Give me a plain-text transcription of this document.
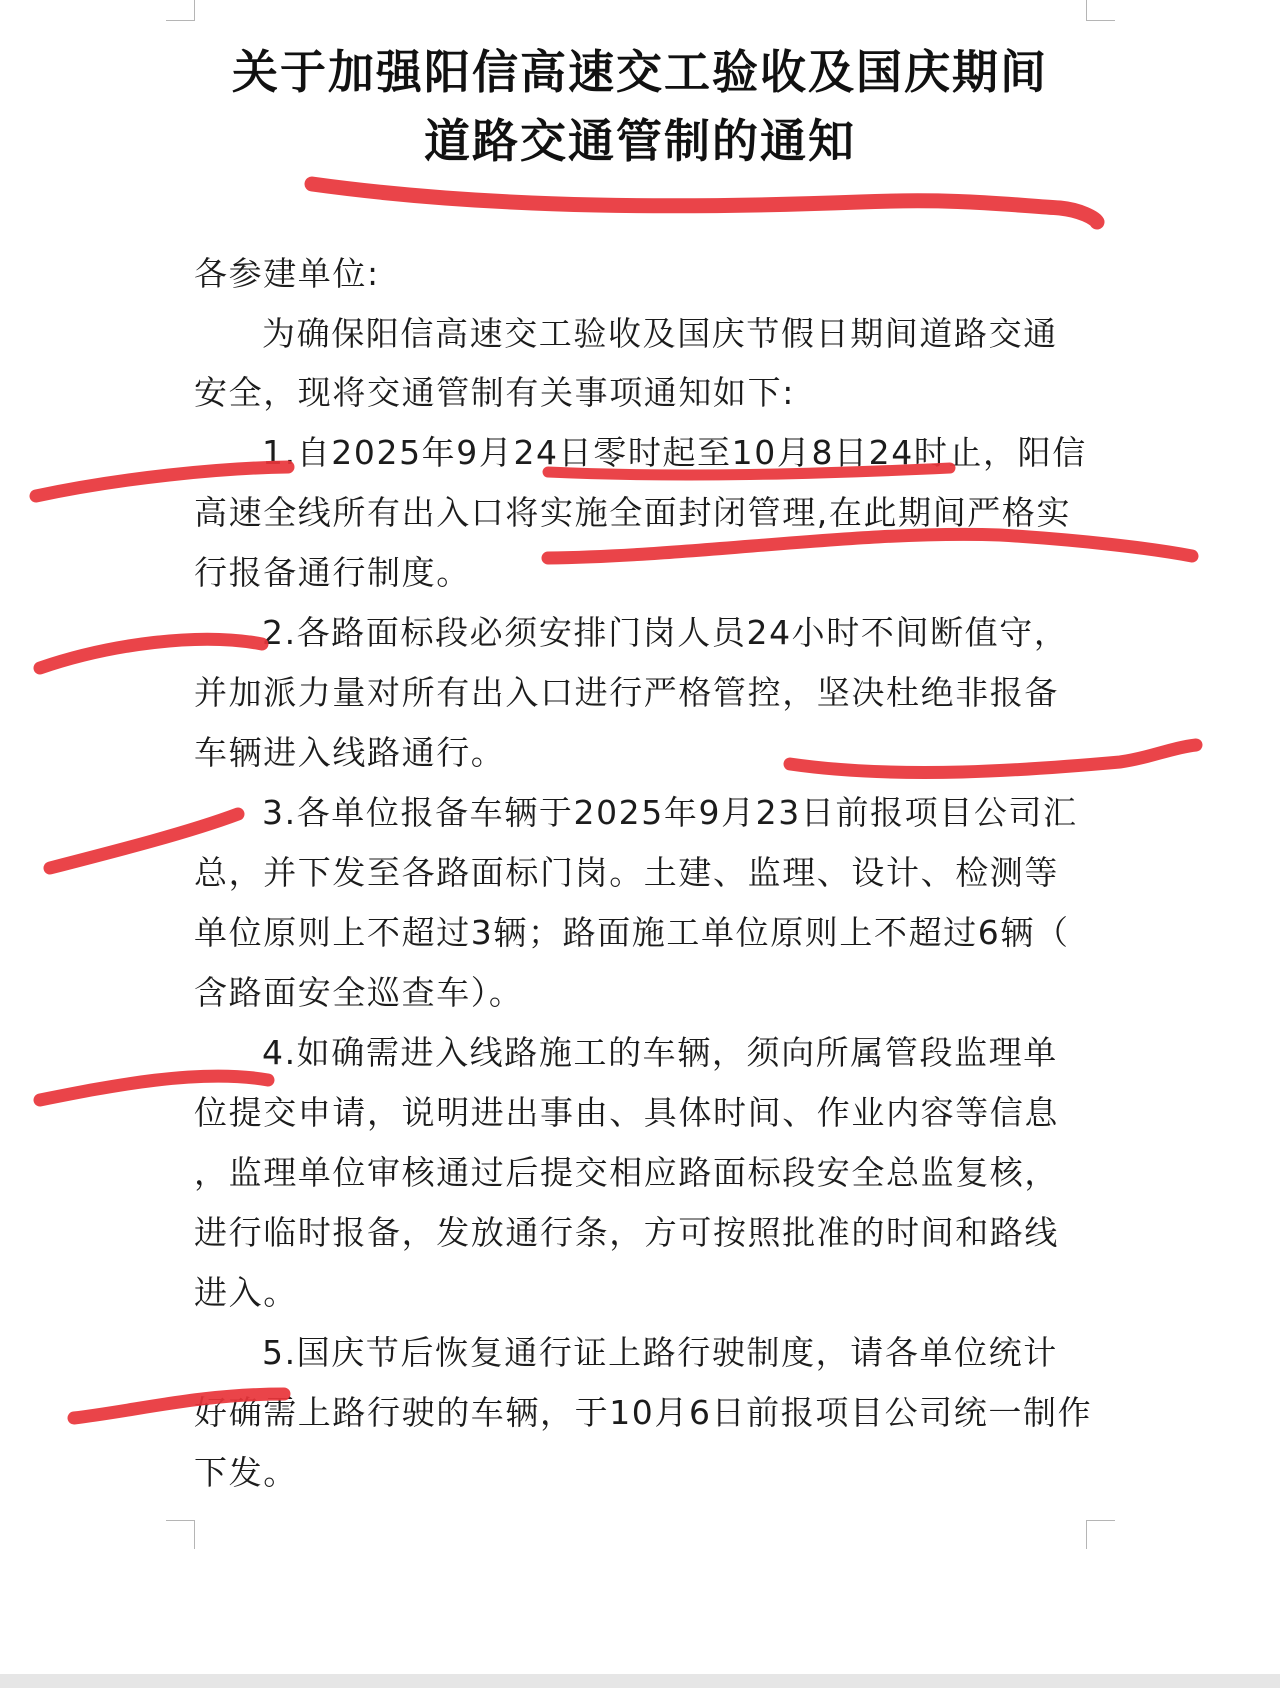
关于加强阳信高速交工验收及国庆期间
道路交通管制的通知
各参建单位:
为确保阳信高速交工验收及国庆节假日期间道路交通
安全，现将交通管制有关事项通知如下:
1.自2025年9月24日零时起至10月8日24时止，阳信
高速全线所有出入口将实施全面封闭管理,在此期间严格实
行报备通行制度。
2.各路面标段必须安排门岗人员24小时不间断值守，
并加派力量对所有出入口进行严格管控，坚决杜绝非报备
车辆进入线路通行。
3.各单位报备车辆于2025年9月23日前报项目公司汇
总，并下发至各路面标门岗。土建、监理、设计、检测等
单位原则上不超过3辆；路面施工单位原则上不超过6辆（
含路面安全巡查车）。
4.如确需进入线路施工的车辆，须向所属管段监理单
位提交申请，说明进出事由、具体时间、作业内容等信息
，监理单位审核通过后提交相应路面标段安全总监复核，
进行临时报备，发放通行条，方可按照批准的时间和路线
进入。
5.国庆节后恢复通行证上路行驶制度，请各单位统计
好确需上路行驶的车辆，于10月6日前报项目公司统一制作
下发。
